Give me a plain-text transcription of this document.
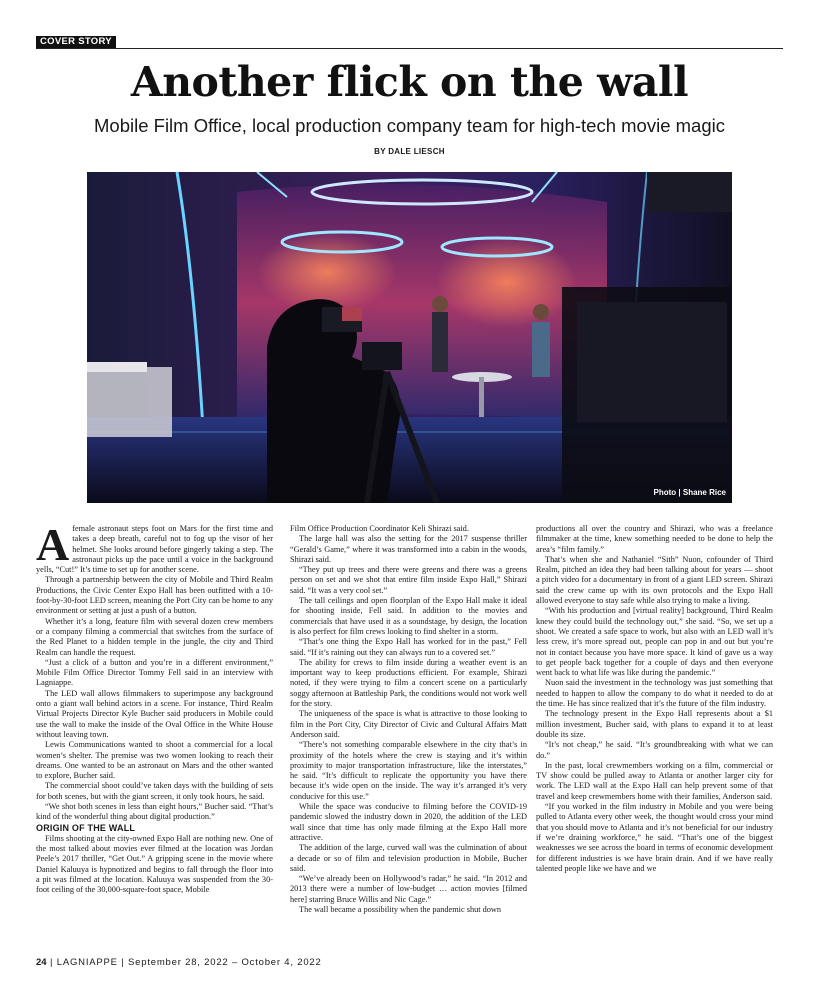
COVER STORY
Another flick on the wall
Mobile Film Office, local production company team for high-tech movie magic
BY DALE LIESCH
Photo | Shane Rice

Afemale astronaut steps foot on Mars for the first time and takes a deep breath, careful not to fog up the visor of her helmet. She looks around before gingerly taking a step. The astronaut picks up the pace until a voice in the background yells, “Cut!” It’s time to set up for another scene.

Through a partnership between the city of Mobile and Third Realm Productions, the Civic Center Expo Hall has been outfitted with a 10-foot-by-30-foot LED screen, meaning the Port City can be home to any environment or setting at just a push of a button.

Whether it’s a long, feature film with several dozen crew members or a company filming a commercial that switches from the surface of the Red Planet to a hidden temple in the jungle, the city and Third Realm can handle the request.

“Just a click of a button and you’re in a different environment,” Mobile Film Office Director Tommy Fell said in an interview with Lagniappe.

The LED wall allows filmmakers to superimpose any background onto a giant wall behind actors in a scene. For instance, Third Realm Virtual Projects Director Kyle Bucher said producers in Mobile could use the wall to make the inside of the Oval Office in the White House without leaving town.

Lewis Communications wanted to shoot a commercial for a local women’s shelter. The premise was two women looking to reach their dreams. One wanted to be an astronaut on Mars and the other wanted to explore, Bucher said.

The commercial shoot could’ve taken days with the building of sets for both scenes, but with the giant screen, it only took hours, he said.

“We shot both scenes in less than eight hours,” Bucher said. “That’s kind of the wonderful thing about digital production.”

ORIGIN OF THE WALL

Films shooting at the city-owned Expo Hall are nothing new. One of the most talked about movies ever filmed at the location was Jordan Peele’s 2017 thriller, “Get Out.” A gripping scene in the movie where Daniel Kaluuya is hypnotized and begins to fall through the floor into a pit was filmed at the location. Kaluuya was suspended from the 30-foot ceiling of the 30,000-square-foot space, Mobile

Film Office Production Coordinator Keli Shirazi said.

The large hall was also the setting for the 2017 suspense thriller “Gerald’s Game,” where it was transformed into a cabin in the woods, Shirazi said.

“They put up trees and there were greens and there was a greens person on set and we shot that entire film inside Expo Hall,” Shirazi said. “It was a very cool set.”

The tall ceilings and open floorplan of the Expo Hall make it ideal for shooting inside, Fell said. In addition to the movies and commercials that have used it as a soundstage, by design, the location is also perfect for film crews looking to find shelter in a storm.

“That’s one thing the Expo Hall has worked for in the past,” Fell said. “If it’s raining out they can always run to a covered set.”

The ability for crews to film inside during a weather event is an important way to keep productions efficient. For example, Shirazi noted, if they were trying to film a concert scene on a particularly soggy afternoon at Battleship Park, the conditions would not work well for the story.

The uniqueness of the space is what is attractive to those looking to film in the Port City, City Director of Civic and Cultural Affairs Matt Anderson said.

“There’s not something comparable elsewhere in the city that’s in proximity of the hotels where the crew is staying and it’s within proximity to major transportation infrastructure, like the interstates,” he said. “It’s difficult to replicate the opportunity you have there because it’s wide open on the inside. The way it’s arranged it’s very conducive for this use.”

While the space was conducive to filming before the COVID-19 pandemic slowed the industry down in 2020, the addition of the LED wall since that time has only made filming at the Expo Hall more attractive.

The addition of the large, curved wall was the culmination of about a decade or so of film and television production in Mobile, Bucher said.

“We’ve already been on Hollywood’s radar,” he said. “In 2012 and 2013 there were a number of low-budget … action movies [filmed here] starring Bruce Willis and Nic Cage.”

The wall became a possibility when the pandemic shut down

productions all over the country and Shirazi, who was a freelance filmmaker at the time, knew something needed to be done to help the area’s “film family.”

That’s when she and Nathaniel “Sith” Nuon, cofounder of Third Realm, pitched an idea they had been talking about for years — shoot a pitch video for a documentary in front of a giant LED screen. Shirazi said the crew came up with its own protocols and the Expo Hall allowed everyone to stay safe while also trying to make a living.

“With his production and [virtual reality] background, Third Realm knew they could build the technology out,” she said. “So, we set up a shoot. We created a safe space to work, but also with an LED wall it’s less crew, it’s more spread out, people can pop in and out but you’re not in contact because you have more space. It kind of gave us a way to get people back together for a couple of days and then everyone went back to what life was like during the pandemic.”

Nuon said the investment in the technology was just something that needed to happen to allow the company to do what it needed to do at the time. He has since realized that it’s the future of the film industry.

The technology present in the Expo Hall represents about a $1 million investment, Bucher said, with plans to expand it to at least double its size.

“It’s not cheap,” he said. “It’s groundbreaking with what we can do.”

In the past, local crewmembers working on a film, commercial or TV show could be pulled away to Atlanta or another larger city for work. The LED wall at the Expo Hall can help prevent some of that travel and keep crewmembers home with their families, Anderson said.

“If you worked in the film industry in Mobile and you were being pulled to Atlanta every other week, the thought would cross your mind that you should move to Atlanta and it’s not beneficial for our industry if we’re draining workforce,” he said. “That’s one of the biggest weaknesses we see across the board in terms of economic development for different industries is we have brain drain. And if we have really talented people like we have and we

24 | LAGNIAPPE | September 28, 2022 – October 4, 2022
